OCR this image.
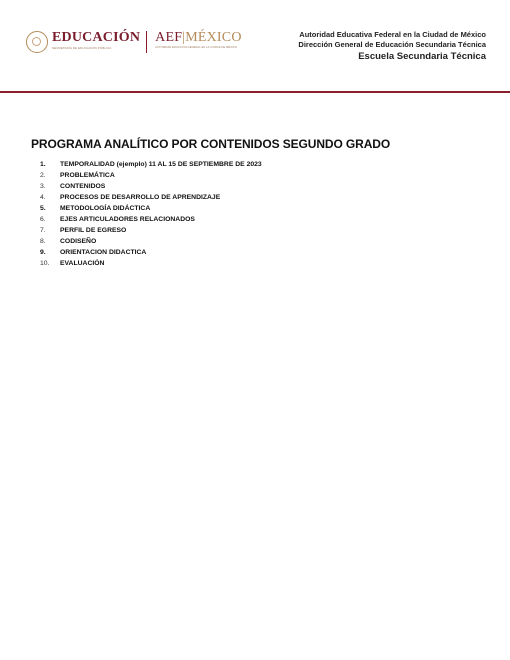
EDUCACIÓN
SECRETARÍA DE EDUCACIÓN PÚBLICA
AEF|MÉXICO
AUTORIDAD EDUCATIVA FEDERAL EN LA CIUDAD DE MÉXICO
Autoridad Educativa Federal en la Ciudad de México
Dirección General de Educación Secundaria Técnica
Escuela Secundaria Técnica
PROGRAMA ANALÍTICO POR CONTENIDOS SEGUNDO GRADO
1.	TEMPORALIDAD (ejemplo) 11 AL 15 DE SEPTIEMBRE DE 2023
2.	PROBLEMÁTICA
3.	CONTENIDOS
4.	PROCESOS DE DESARROLLO DE APRENDIZAJE
5.	METODOLOGÍA DIDÁCTICA
6.	EJES ARTICULADORES RELACIONADOS
7.	PERFIL DE EGRESO
8.	CODISEÑO
9.	ORIENTACION DIDACTICA
10.	EVALUACIÓN
